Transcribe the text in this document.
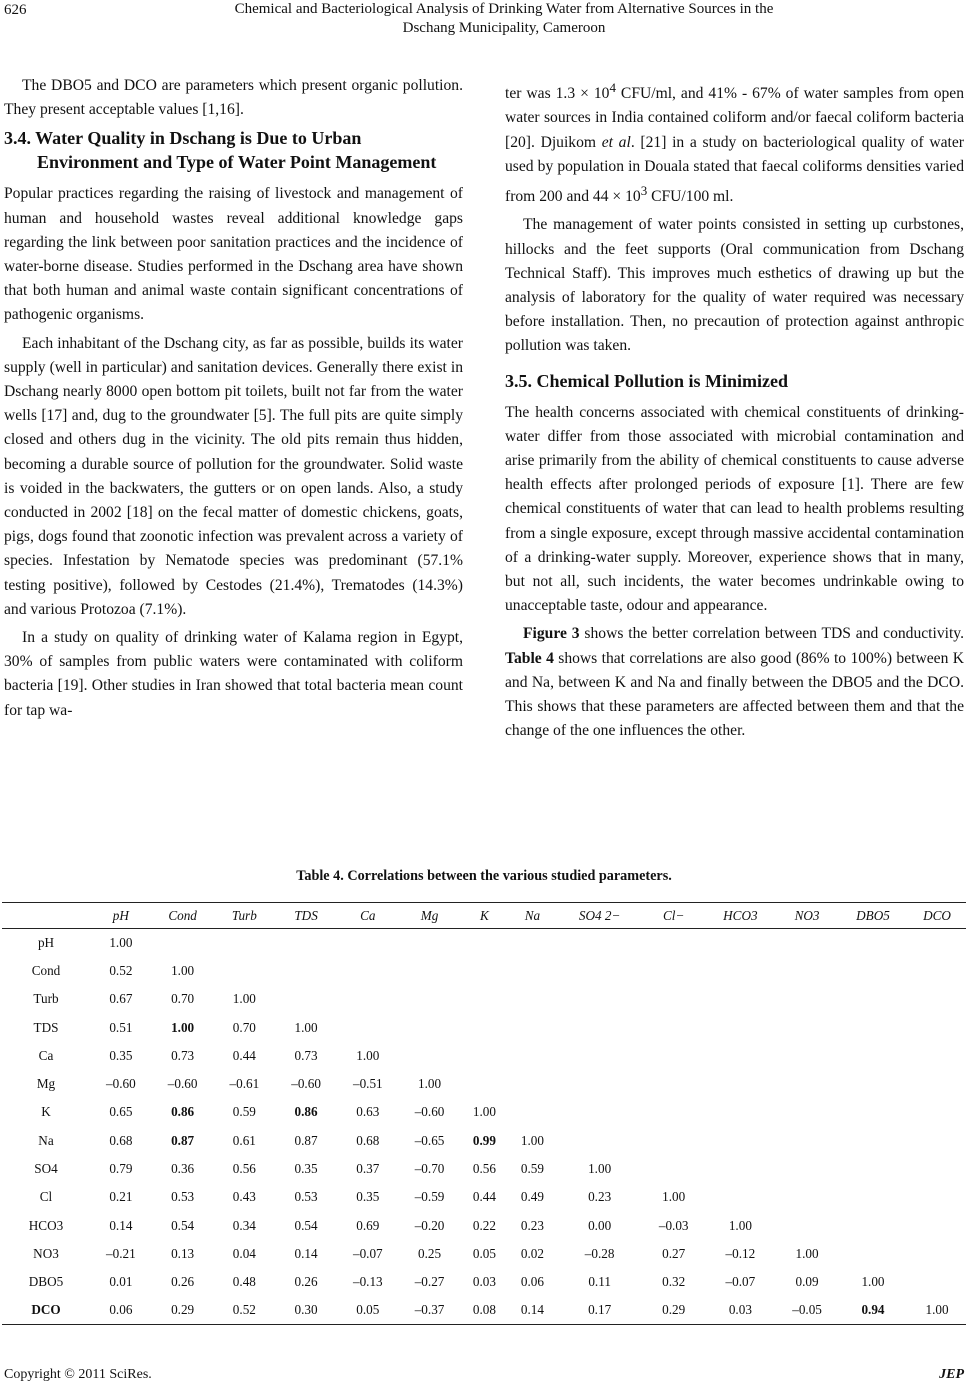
626	Chemical and Bacteriological Analysis of Drinking Water from Alternative Sources in the
Dschang Municipality, Cameroon

The DBO5 and DCO are parameters which present organic pollution. They present acceptable values [1,16].

3.4. Water Quality in Dschang is Due to Urban Environment and Type of Water Point Management

Popular practices regarding the raising of livestock and management of human and household wastes reveal additional knowledge gaps regarding the link between poor sanitation practices and the incidence of water-borne disease. Studies performed in the Dschang area have shown that both human and animal waste contain significant concentrations of pathogenic organisms.

Each inhabitant of the Dschang city, as far as possible, builds its water supply (well in particular) and sanitation devices. Generally there exist in Dschang nearly 8000 open bottom pit toilets, built not far from the water wells [17] and, dug to the groundwater [5]. The full pits are quite simply closed and others dug in the vicinity. The old pits remain thus hidden, becoming a durable source of pollution for the groundwater. Solid waste is voided in the backwaters, the gutters or on open lands. Also, a study conducted in 2002 [18] on the fecal matter of domestic chickens, goats, pigs, dogs found that zoonotic infection was prevalent across a variety of species. Infestation by Nematode species was predominant (57.1% testing positive), followed by Cestodes (21.4%), Trematodes (14.3%) and various Protozoa (7.1%).

In a study on quality of drinking water of Kalama region in Egypt, 30% of samples from public waters were contaminated with coliform bacteria [19]. Other studies in Iran showed that total bacteria mean count for tap wa-

ter was $1.3 \times 10^4$ CFU/ml, and 41% - 67% of water samples from open water sources in India contained coliform and/or faecal coliform bacteria [20]. Djuikom et al. [21] in a study on bacteriological quality of water used by population in Douala stated that faecal coliforms densities varied from 200 and $44 \times 10^3$ CFU/100 ml.

The management of water points consisted in setting up curbstones, hillocks and the feet supports (Oral communication from Dschang Technical Staff). This improves much esthetics of drawing up but the analysis of laboratory for the quality of water required was necessary before installation. Then, no precaution of protection against anthropic pollution was taken.

3.5. Chemical Pollution is Minimized

The health concerns associated with chemical constituents of drinking-water differ from those associated with microbial contamination and arise primarily from the ability of chemical constituents to cause adverse health effects after prolonged periods of exposure [1]. There are few chemical constituents of water that can lead to health problems resulting from a single exposure, except through massive accidental contamination of a drinking-water supply. Moreover, experience shows that in many, but not all, such incidents, the water becomes undrinkable owing to unacceptable taste, odour and appearance.

Figure 3 shows the better correlation between TDS and conductivity. Table 4 shows that correlations are also good (86% to 100%) between K and Na, between K and Na and finally between the DBO5 and the DCO. This shows that these parameters are affected between them and that the change of the one influences the other.

Table 4. Correlations between the various studied parameters.
	pH	Cond	Turb	TDS	Ca	Mg	K	Na	SO4 2−	Cl−	HCO3	NO3	DBO5	DCO
pH	1.00													
Cond	0.52	1.00												
Turb	0.67	0.70	1.00											
TDS	0.51	1.00	0.70	1.00										
Ca	0.35	0.73	0.44	0.73	1.00									
Mg	–0.60	–0.60	–0.61	–0.60	–0.51	1.00								
K	0.65	0.86	0.59	0.86	0.63	–0.60	1.00							
Na	0.68	0.87	0.61	0.87	0.68	–0.65	0.99	1.00						
SO4	0.79	0.36	0.56	0.35	0.37	–0.70	0.56	0.59	1.00					
Cl	0.21	0.53	0.43	0.53	0.35	–0.59	0.44	0.49	0.23	1.00				
HCO3	0.14	0.54	0.34	0.54	0.69	–0.20	0.22	0.23	0.00	–0.03	1.00			
NO3	–0.21	0.13	0.04	0.14	–0.07	0.25	0.05	0.02	–0.28	0.27	–0.12	1.00		
DBO5	0.01	0.26	0.48	0.26	–0.13	–0.27	0.03	0.06	0.11	0.32	–0.07	0.09	1.00	
DCO	0.06	0.29	0.52	0.30	0.05	–0.37	0.08	0.14	0.17	0.29	0.03	–0.05	0.94	1.00
Copyright © 2011 SciRes.	JEP
